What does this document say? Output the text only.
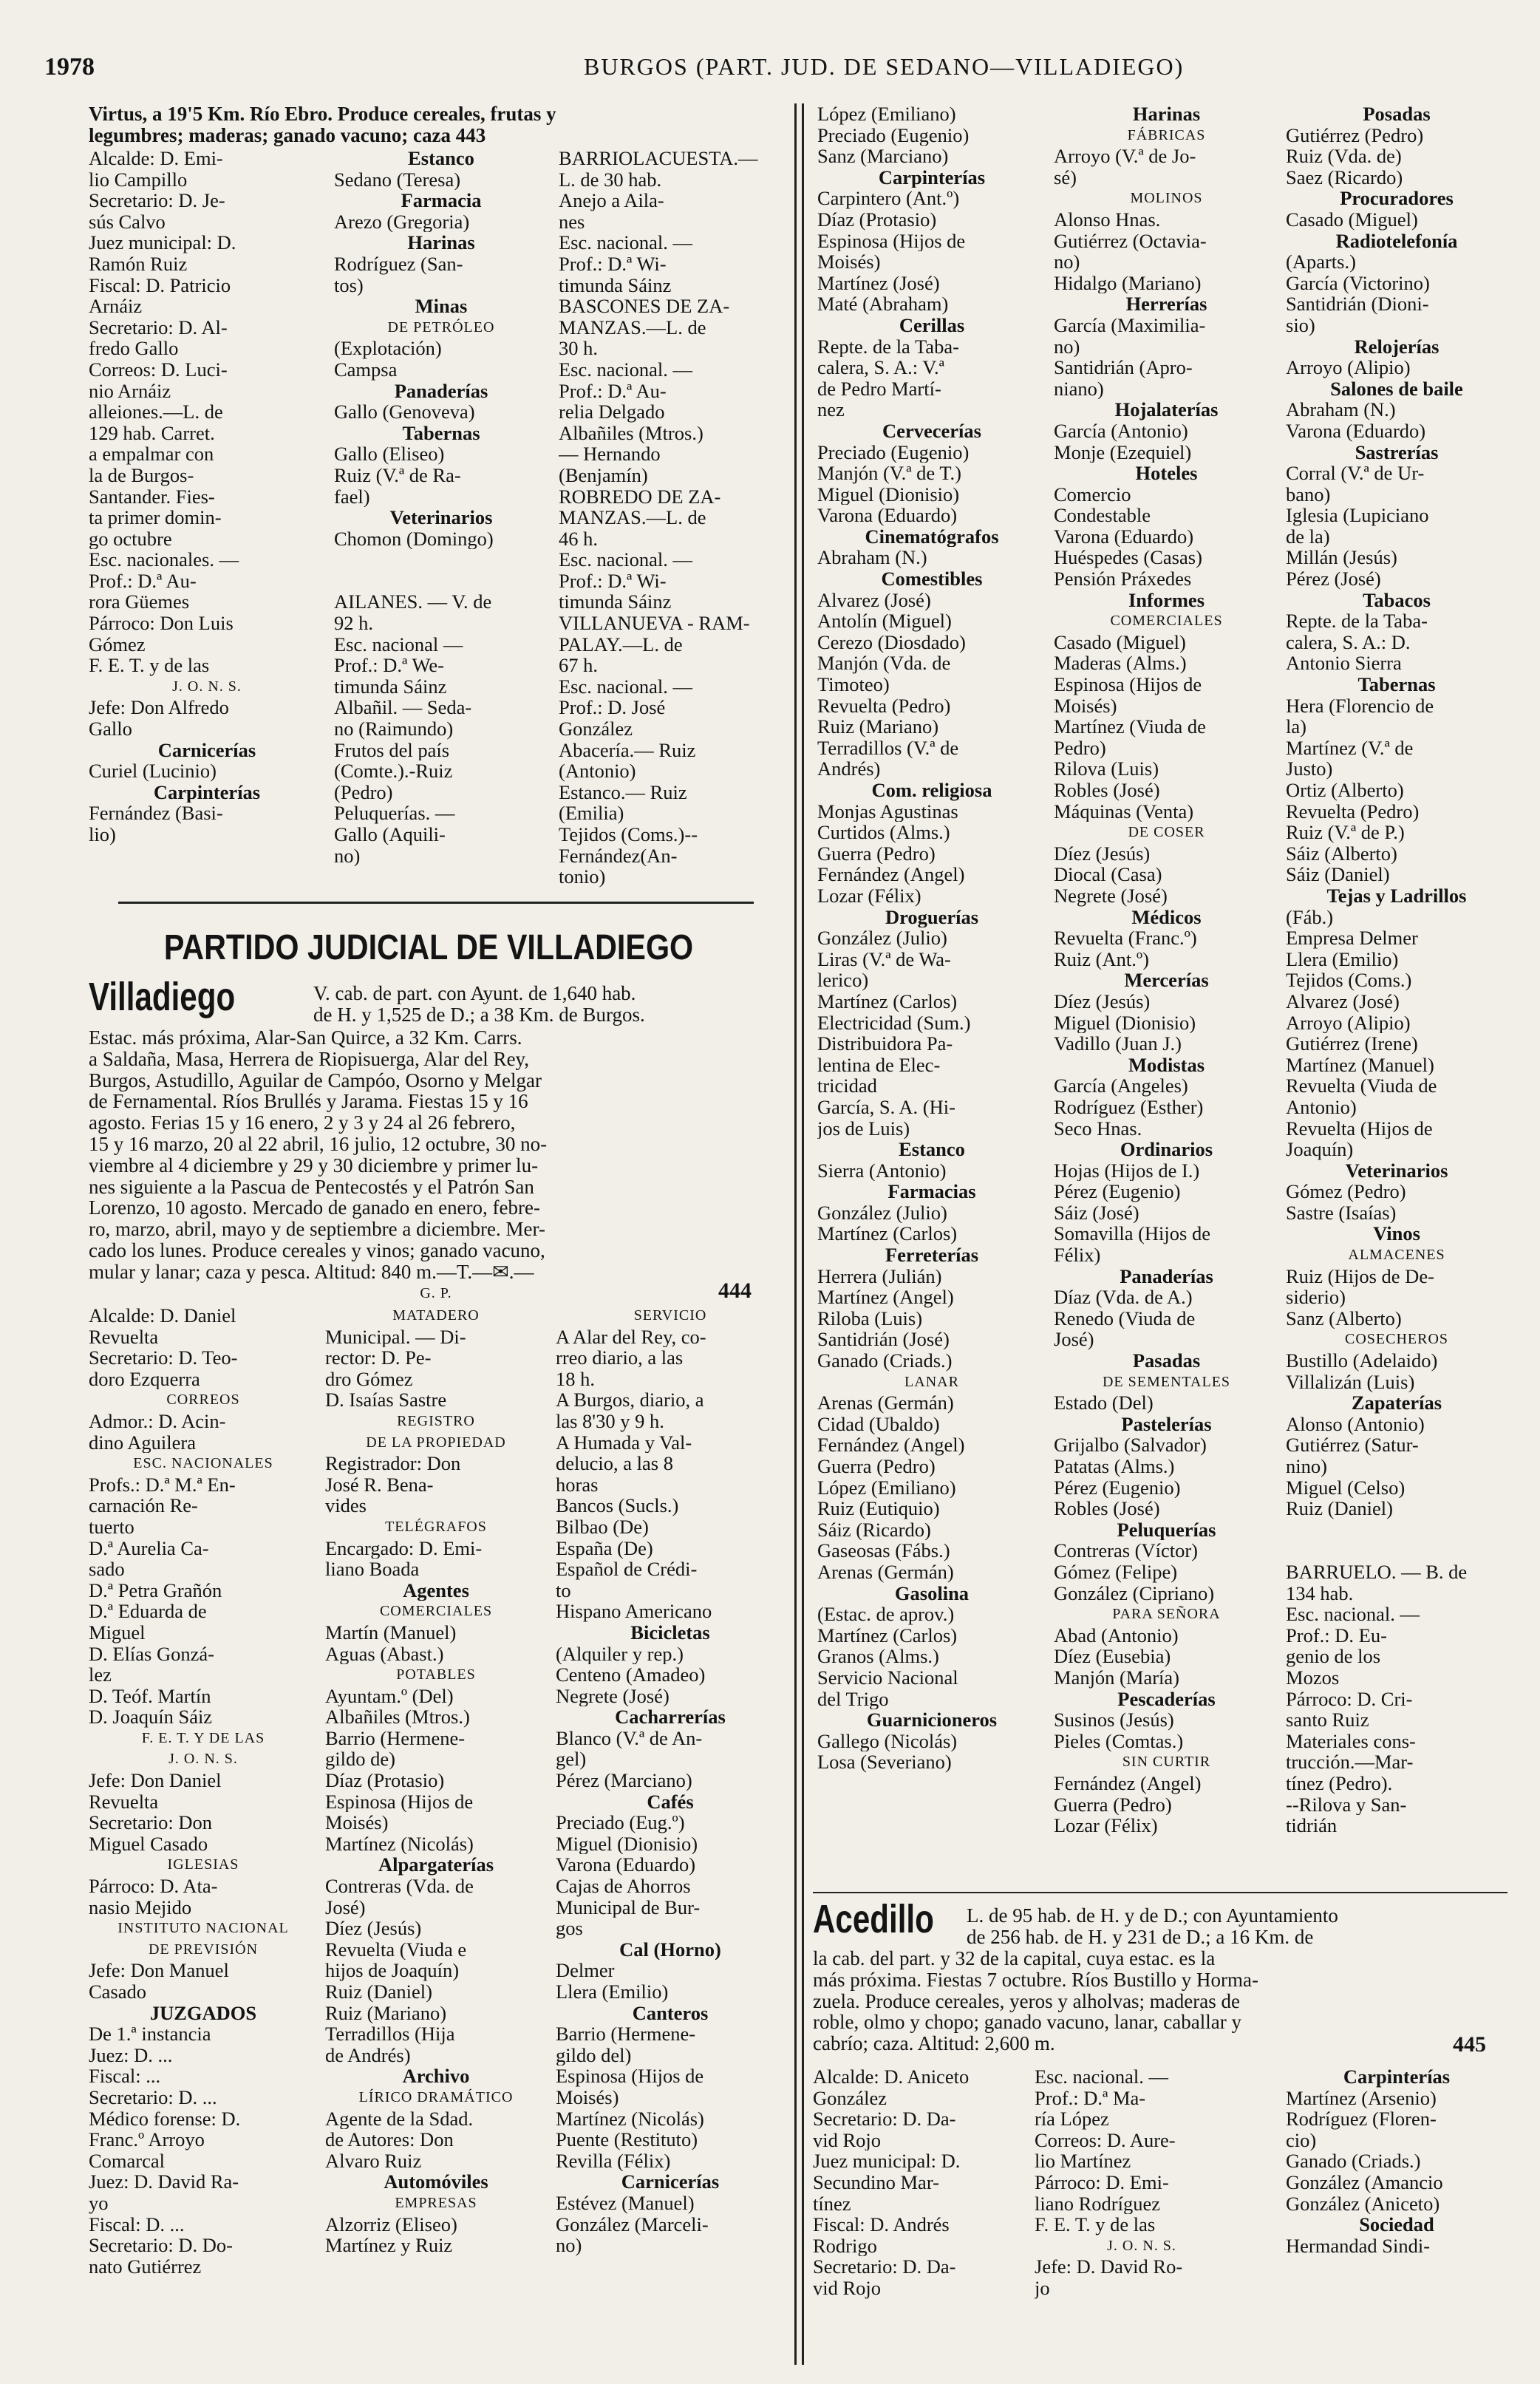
1978	BURGOS (PART. JUD. DE SEDANO—VILLADIEGO)
Virtus, a 19'5 Km. Río Ebro. Produce cereales, frutas y
legumbres; maderas; ganado vacuno; caza 443
Alcalde: D. Emi-
lio Campillo
Secretario: D. Je-
sús Calvo
Juez municipal: D.
Ramón Ruiz
Fiscal: D. Patricio
Arnáiz
Secretario: D. Al-
fredo Gallo
Correos: D. Luci-
nio Arnáiz
alleiones.—L. de
129 hab. Carret.
a empalmar con
la de Burgos-
Santander. Fies-
ta primer domin-
go octubre
Esc. nacionales. —
Prof.: D.ª Au-
rora Güemes
Párroco: Don Luis
Gómez
F. E. T. y de las
J. O. N. S.
Jefe: Don Alfredo
Gallo
Carnicerías
Curiel (Lucinio)
Carpinterías
Fernández (Basi-
lio)
Estanco
Sedano (Teresa)
Farmacia
Arezo (Gregoria)
Harinas
Rodríguez (San-
tos)
Minas
DE PETRÓLEO
(Explotación)
Campsa
Panaderías
Gallo (Genoveva)
Tabernas
Gallo (Eliseo)
Ruiz (V.ª de Ra-
fael)
Veterinarios
Chomon (Domingo)

AILANES. — V. de
92 h.
Esc. nacional —
Prof.: D.ª We-
timunda Sáinz
Albañil. — Seda-
no (Raimundo)
Frutos del país
(Comte.).-Ruiz
(Pedro)
Peluquerías. —
Gallo (Aquili-
no)
BARRIOLACUESTA.—
L. de 30 hab.
Anejo a Aila-
nes
Esc. nacional. —
Prof.: D.ª Wi-
timunda Sáinz
BASCONES DE ZA-
MANZAS.—L. de
30 h.
Esc. nacional. —
Prof.: D.ª Au-
relia Delgado
Albañiles (Mtros.)
— Hernando
(Benjamín)
ROBREDO DE ZA-
MANZAS.—L. de
46 h.
Esc. nacional. —
Prof.: D.ª Wi-
timunda Sáinz
VILLANUEVA - RAM-
PALAY.—L. de
67 h.
Esc. nacional. —
Prof.: D. José
González
Abacería.— Ruiz
(Antonio)
Estanco.— Ruiz
(Emilia)
Tejidos (Coms.)--
Fernández(An-
tonio)
López (Emiliano)
Preciado (Eugenio)
Sanz (Marciano)
Carpinterías
Carpintero (Ant.º)
Díaz (Protasio)
Espinosa (Hijos de
Moisés)
Martínez (José)
Maté (Abraham)
Cerillas
Repte. de la Taba-
calera, S. A.: V.ª
de Pedro Martí-
nez
Cervecerías
Preciado (Eugenio)
Manjón (V.ª de T.)
Miguel (Dionisio)
Varona (Eduardo)
Cinematógrafos
Abraham (N.)
Comestibles
Alvarez (José)
Antolín (Miguel)
Cerezo (Diosdado)
Manjón (Vda. de
Timoteo)
Revuelta (Pedro)
Ruiz (Mariano)
Terradillos (V.ª de
Andrés)
Com. religiosa
Monjas Agustinas
Curtidos (Alms.)
Guerra (Pedro)
Fernández (Angel)
Lozar (Félix)
Droguerías
González (Julio)
Liras (V.ª de Wa-
lerico)
Martínez (Carlos)
Electricidad (Sum.)
Distribuidora Pa-
lentina de Elec-
tricidad
García, S. A. (Hi-
jos de Luis)
Estanco
Sierra (Antonio)
Farmacias
González (Julio)
Martínez (Carlos)
Ferreterías
Herrera (Julián)
Martínez (Angel)
Riloba (Luis)
Santidrián (José)
Ganado (Criads.)
LANAR
Arenas (Germán)
Cidad (Ubaldo)
Fernández (Angel)
Guerra (Pedro)
López (Emiliano)
Ruiz (Eutiquio)
Sáiz (Ricardo)
Gaseosas (Fábs.)
Arenas (Germán)
Gasolina
(Estac. de aprov.)
Martínez (Carlos)
Granos (Alms.)
Servicio Nacional
del Trigo
Guarnicioneros
Gallego (Nicolás)
Losa (Severiano)
Harinas
FÁBRICAS
Arroyo (V.ª de Jo-
sé)
MOLINOS
Alonso Hnas.
Gutiérrez (Octavia-
no)
Hidalgo (Mariano)
Herrerías
García (Maximilia-
no)
Santidrián (Apro-
niano)
Hojalaterías
García (Antonio)
Monje (Ezequiel)
Hoteles
Comercio
Condestable
Varona (Eduardo)
Huéspedes (Casas)
Pensión Práxedes
Informes
COMERCIALES
Casado (Miguel)
Maderas (Alms.)
Espinosa (Hijos de
Moisés)
Martínez (Viuda de
Pedro)
Rilova (Luis)
Robles (José)
Máquinas (Venta)
DE COSER
Díez (Jesús)
Diocal (Casa)
Negrete (José)
Médicos
Revuelta (Franc.º)
Ruiz (Ant.º)
Mercerías
Díez (Jesús)
Miguel (Dionisio)
Vadillo (Juan J.)
Modistas
García (Angeles)
Rodríguez (Esther)
Seco Hnas.
Ordinarios
Hojas (Hijos de I.)
Pérez (Eugenio)
Sáiz (José)
Somavilla (Hijos de
Félix)
Panaderías
Díaz (Vda. de A.)
Renedo (Viuda de
José)
Pasadas
DE SEMENTALES
Estado (Del)
Pastelerías
Grijalbo (Salvador)
Patatas (Alms.)
Pérez (Eugenio)
Robles (José)
Peluquerías
Contreras (Víctor)
Gómez (Felipe)
González (Cipriano)
PARA SEÑORA
Abad (Antonio)
Díez (Eusebia)
Manjón (María)
Pescaderías
Susinos (Jesús)
Pieles (Comtas.)
SIN CURTIR
Fernández (Angel)
Guerra (Pedro)
Lozar (Félix)
Posadas
Gutiérrez (Pedro)
Ruiz (Vda. de)
Saez (Ricardo)
Procuradores
Casado (Miguel)
Radiotelefonía
(Aparts.)
García (Victorino)
Santidrián (Dioni-
sio)
Relojerías
Arroyo (Alipio)
Salones de baile
Abraham (N.)
Varona (Eduardo)
Sastrerías
Corral (V.ª de Ur-
bano)
Iglesia (Lupiciano
de la)
Millán (Jesús)
Pérez (José)
Tabacos
Repte. de la Taba-
calera, S. A.: D.
Antonio Sierra
Tabernas
Hera (Florencio de
la)
Martínez (V.ª de
Justo)
Ortiz (Alberto)
Revuelta (Pedro)
Ruiz (V.ª de P.)
Sáiz (Alberto)
Sáiz (Daniel)
Tejas y Ladrillos
(Fáb.)
Empresa Delmer
Llera (Emilio)
Tejidos (Coms.)
Alvarez (José)
Arroyo (Alipio)
Gutiérrez (Irene)
Martínez (Manuel)
Revuelta (Viuda de
Antonio)
Revuelta (Hijos de
Joaquín)
Veterinarios
Gómez (Pedro)
Sastre (Isaías)
Vinos
ALMACENES
Ruiz (Hijos de De-
siderio)
Sanz (Alberto)
COSECHEROS
Bustillo (Adelaido)
Villalizán (Luis)
Zapaterías
Alonso (Antonio)
Gutiérrez (Satur-
nino)
Miguel (Celso)
Ruiz (Daniel)

BARRUELO. — B. de
134 hab.
Esc. nacional. —
Prof.: D. Eu-
genio de los
Mozos
Párroco: D. Cri-
santo Ruiz
Materiales cons-
trucción.—Mar-
tínez (Pedro).
--Rilova y San-
tidrián
PARTIDO JUDICIAL DE VILLADIEGO
Villadiego	V. cab. de part. con Ayunt. de 1,640 hab.
de H. y 1,525 de D.; a 38 Km. de Burgos.
Estac. más próxima, Alar-San Quirce, a 32 Km. Carrs.
a Saldaña, Masa, Herrera de Riopisuerga, Alar del Rey,
Burgos, Astudillo, Aguilar de Campóo, Osorno y Melgar
de Fernamental. Ríos Brullés y Jarama. Fiestas 15 y 16
agosto. Ferias 15 y 16 enero, 2 y 3 y 24 al 26 febrero,
15 y 16 marzo, 20 al 22 abril, 16 julio, 12 octubre, 30 no-
viembre al 4 diciembre y 29 y 30 diciembre y primer lu-
nes siguiente a la Pascua de Pentecostés y el Patrón San
Lorenzo, 10 agosto. Mercado de ganado en enero, febre-
ro, marzo, abril, mayo y de septiembre a diciembre. Mer-
cado los lunes. Produce cereales y vinos; ganado vacuno,
mular y lanar; caza y pesca. Altitud: 840 m.—T.—✉.—
G. P.	444
Alcalde: D. Daniel
Revuelta
Secretario: D. Teo-
doro Ezquerra
CORREOS
Admor.: D. Acin-
dino Aguilera
ESC. NACIONALES
Profs.: D.ª M.ª En-
carnación Re-
tuerto
D.ª Aurelia Ca-
sado
D.ª Petra Grañón
D.ª Eduarda de
Miguel
D. Elías Gonzá-
lez
D. Teóf. Martín
D. Joaquín Sáiz
F. E. T. Y DE LAS
J. O. N. S.
Jefe: Don Daniel
Revuelta
Secretario: Don
Miguel Casado
IGLESIAS
Párroco: D. Ata-
nasio Mejido
INSTITUTO NACIONAL
DE PREVISIÓN
Jefe: Don Manuel
Casado
JUZGADOS
De 1.ª instancia
Juez: D. ...
Fiscal: ...
Secretario: D. ...
Médico forense: D.
Franc.º Arroyo
Comarcal
Juez: D. David Ra-
yo
Fiscal: D. ...
Secretario: D. Do-
nato Gutiérrez
MATADERO
Municipal. — Di-
rector: D. Pe-
dro Gómez
D. Isaías Sastre
REGISTRO
DE LA PROPIEDAD
Registrador: Don
José R. Bena-
vides
TELÉGRAFOS
Encargado: D. Emi-
liano Boada
Agentes
COMERCIALES
Martín (Manuel)
Aguas (Abast.)
POTABLES
Ayuntam.º (Del)
Albañiles (Mtros.)
Barrio (Hermene-
gildo de)
Díaz (Protasio)
Espinosa (Hijos de
Moisés)
Martínez (Nicolás)
Alpargaterías
Contreras (Vda. de
José)
Díez (Jesús)
Revuelta (Viuda e
hijos de Joaquín)
Ruiz (Daniel)
Ruiz (Mariano)
Terradillos (Hija
de Andrés)
Archivo
LÍRICO DRAMÁTICO
Agente de la Sdad.
de Autores: Don
Alvaro Ruiz
Automóviles
EMPRESAS
Alzorriz (Eliseo)
Martínez y Ruiz
SERVICIO
A Alar del Rey, co-
rreo diario, a las
18 h.
A Burgos, diario, a
las 8'30 y 9 h.
A Humada y Val-
delucio, a las 8
horas
Bancos (Sucls.)
Bilbao (De)
España (De)
Español de Crédi-
to
Hispano Americano
Bicicletas
(Alquiler y rep.)
Centeno (Amadeo)
Negrete (José)
Cacharrerías
Blanco (V.ª de An-
gel)
Pérez (Marciano)
Cafés
Preciado (Eug.º)
Miguel (Dionisio)
Varona (Eduardo)
Cajas de Ahorros
Municipal de Bur-
gos
Cal (Horno)
Delmer
Llera (Emilio)
Canteros
Barrio (Hermene-
gildo del)
Espinosa (Hijos de
Moisés)
Martínez (Nicolás)
Puente (Restituto)
Revilla (Félix)
Carnicerías
Estévez (Manuel)
González (Marceli-
no)
Acedillo L. de 95 hab. de H. y de D.; con Ayuntamiento
de 256 hab. de H. y 231 de D.; a 16 Km. de
la cab. del part. y 32 de la capital, cuya estac. es la
más próxima. Fiestas 7 octubre. Ríos Bustillo y Horma-
zuela. Produce cereales, yeros y alholvas; maderas de
roble, olmo y chopo; ganado vacuno, lanar, caballar y
cabrío; caza. Altitud: 2,600 m.	445
Alcalde: D. Aniceto
González
Secretario: D. Da-
vid Rojo
Juez municipal: D.
Secundino Mar-
tínez
Fiscal: D. Andrés
Rodrigo
Secretario: D. Da-
vid Rojo
Esc. nacional. —
Prof.: D.ª Ma-
ría López
Correos: D. Aure-
lio Martínez
Párroco: D. Emi-
liano Rodríguez
F. E. T. y de las
J. O. N. S.
Jefe: D. David Ro-
jo
Carpinterías
Martínez (Arsenio)
Rodríguez (Floren-
cio)
Ganado (Criads.)
González (Amancio
González (Aniceto)
Sociedad
Hermandad Sindi-
